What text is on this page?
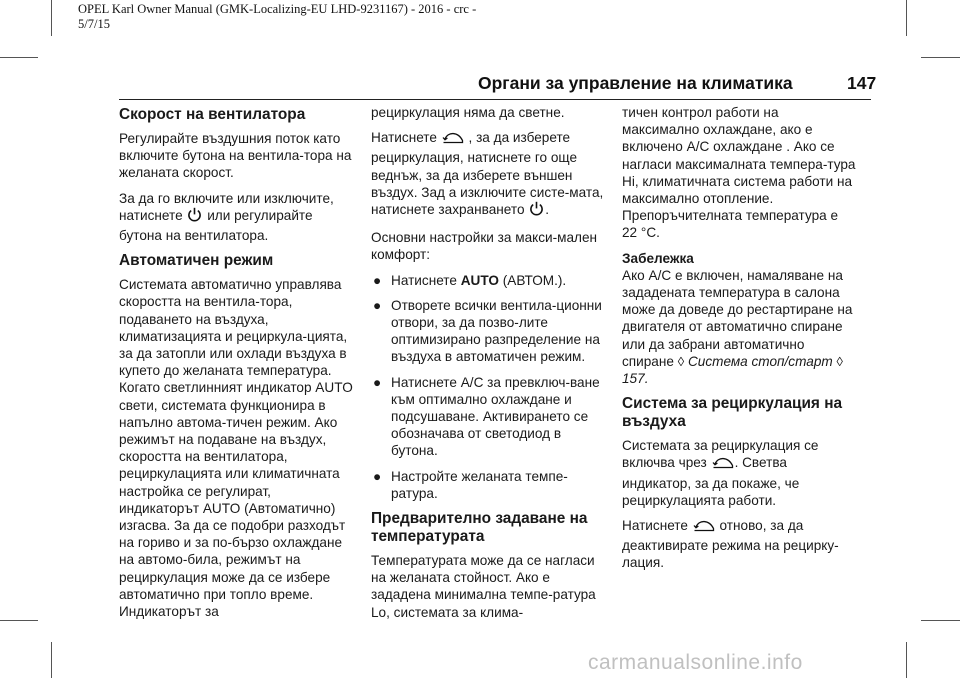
OPEL Karl Owner Manual (GMK-Localizing-EU LHD-9231167) - 2016 - crc -
5/7/15
Органи за управление на климатика	147
Скорост на вентилатора

Регулирайте въздушния поток като включите бутона на вентила-тора на желаната скорост.

За да го включите или изключите, натиснете или регулирайте бутона на вентилатора.

Автоматичен режим

Системата автоматично управлява скоростта на вентила-тора, подаването на въздуха, климатизацията и рециркула-цията, за да затопли или охлади въздуха в купето до желаната температура. Когато светлинният индикатор AUTO свети, системата функционира в напълно автома-тичен режим. Ако режимът на подаване на въздух, скоростта на вентилатора, рециркулацията или климатичната настройка се регулират, индикаторът AUTO (Автоматично) изгасва. За да се подобри разходът на гориво и за по-бързо охлаждане на автомо-била, режимът на рециркулация може да се избере автоматично при топло време. Индикаторът за

рециркулация няма да светне.

Натиснете , за да изберете рециркулация, натиснете го още веднъж, за да изберете външен въздух. Зад а изключите систе-мата, натиснете захранването .

Основни настройки за макси-мален комфорт:

● Натиснете AUTO (АВТОМ.).
● Отворете всички вентила-ционни отвори, за да позво-лите оптимизирано разпределение на въздуха в автоматичен режим.
● Натиснете A/C за превключ-ване към оптимално охлаждане и подсушаване. Активирането се обозначава от светодиод в бутона.
● Настройте желаната темпе-ратура.
Предварително задаване на температурата

Температурата може да се нагласи на желаната стойност. Ако е зададена минимална темпе-ратура Lo, системата за клима-

тичен контрол работи на максимално охлаждане, ако е включено A/C охлаждане . Ако се нагласи максималната темпера-тура Hi, климатичната система работи на максимално отопление. Препоръчителната температура е 22 °C.

Забележка

Ако A/C е включен, намаляване на зададената температура в салона може да доведе до рестартиране на двигателя от автоматично спиране или да забрани автоматично спиране ◊ Система стоп/старт ◊ 157.

Система за рециркулация на въздуха

Системата за рециркулация се включва чрез . Светва индикатор, за да покаже, че рециркулацията работи.

Натиснете отново, за да деактивирате режима на рецирку-лация.

carmanualsonline.info
